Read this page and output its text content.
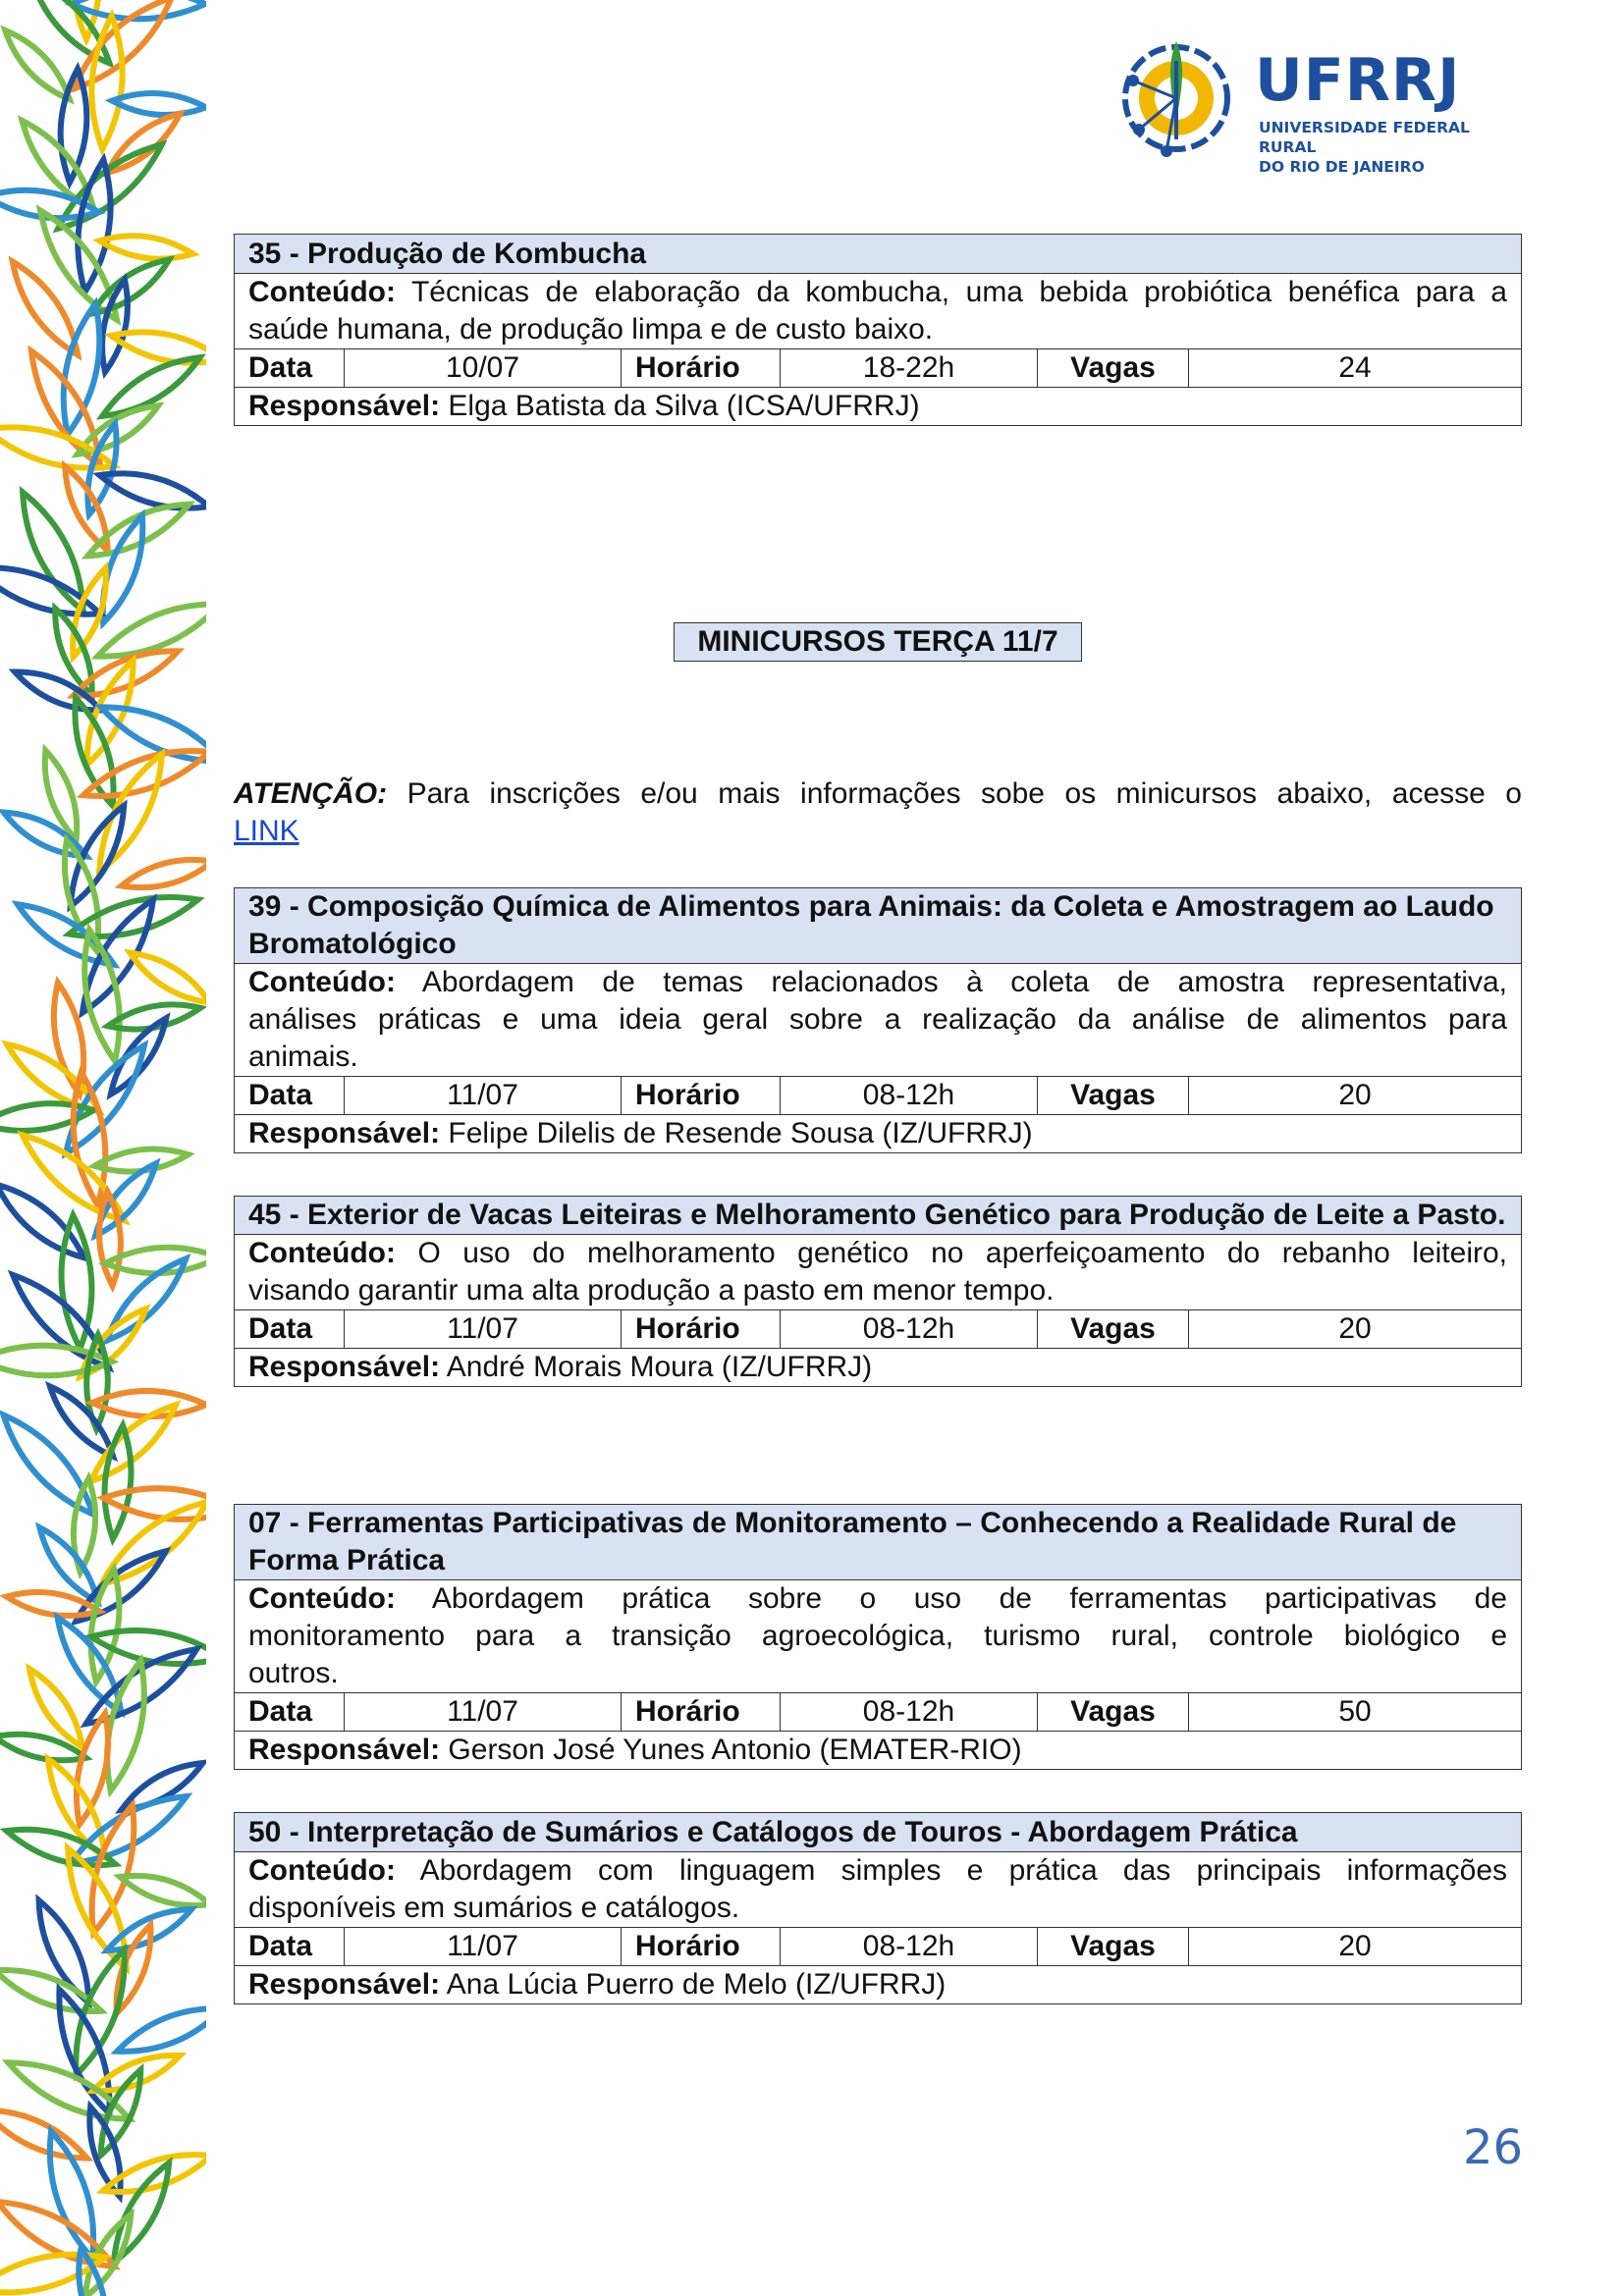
UFRRJ
UNIVERSIDADE FEDERAL RURAL
DO RIO DE JANEIRO
35 - Produção de Kombucha
Conteúdo: Técnicas de elaboração da kombucha, uma bebida probiótica benéfica para a
saúde humana, de produção limpa e de custo baixo.
Data	10/07	Horário	18-22h	Vagas	24
Responsável: Elga Batista da Silva (ICSA/UFRRJ)
MINICURSOS TERÇA 11/7
ATENÇÃO: Para inscrições e/ou mais informações sobe os minicursos abaixo, acesse o
LINK
39 - Composição Química de Alimentos para Animais: da Coleta e Amostragem ao Laudo Bromatológico
Conteúdo: Abordagem de temas relacionados à coleta de amostra representativa,
análises práticas e uma ideia geral sobre a realização da análise de alimentos para
animais.
Data	11/07	Horário	08-12h	Vagas	20
Responsável: Felipe Dilelis de Resende Sousa (IZ/UFRRJ)
45 - Exterior de Vacas Leiteiras e Melhoramento Genético para Produção de Leite a Pasto.
Conteúdo: O uso do melhoramento genético no aperfeiçoamento do rebanho leiteiro,
visando garantir uma alta produção a pasto em menor tempo.
Data	11/07	Horário	08-12h	Vagas	20
Responsável: André Morais Moura (IZ/UFRRJ)
07 - Ferramentas Participativas de Monitoramento – Conhecendo a Realidade Rural de Forma Prática
Conteúdo: Abordagem prática sobre o uso de ferramentas participativas de
monitoramento para a transição agroecológica, turismo rural, controle biológico e
outros.
Data	11/07	Horário	08-12h	Vagas	50
Responsável: Gerson José Yunes Antonio (EMATER-RIO)
50 - Interpretação de Sumários e Catálogos de Touros - Abordagem Prática
Conteúdo: Abordagem com linguagem simples e prática das principais informações
disponíveis em sumários e catálogos.
Data	11/07	Horário	08-12h	Vagas	20
Responsável: Ana Lúcia Puerro de Melo (IZ/UFRRJ)
26
